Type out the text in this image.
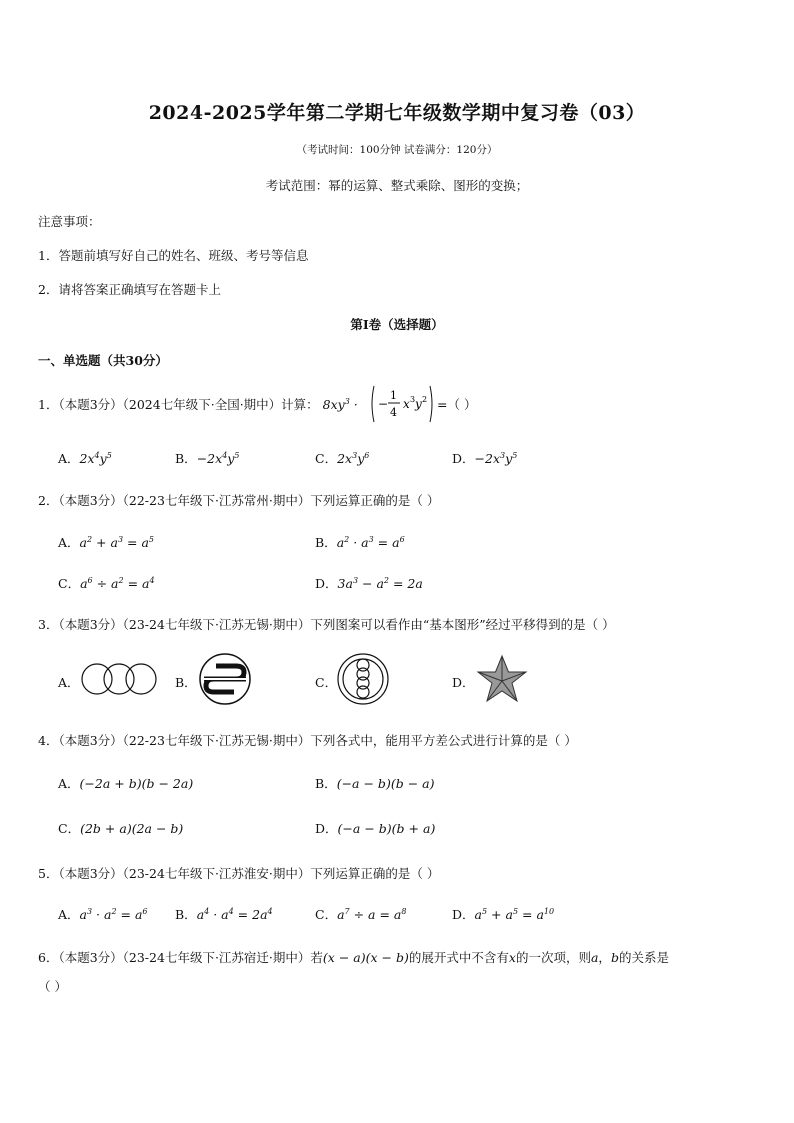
2024-2025学年第二学期七年级数学期中复习卷（03）
（考试时间：100分钟 试卷满分：120分）
考试范围：幂的运算、整式乘除、图形的变换；
注意事项：
1．答题前填写好自己的姓名、班级、考号等信息
2．请将答案正确填写在答题卡上
第I卷（选择题）
一、单选题（共30分）
1．（本题3分）（2024七年级下·全国·期中）计算： $8xy^3$ · −
1
4
x 3 y 2 =（ ）
A．$2x^4y^5$	B．$-2x^4y^5$	C．$2x^3y^6$	D．$-2x^3y^5$
2．（本题3分）（22-23七年级下·江苏常州·期中）下列运算正确的是（ ）
A．$a^2 + a^3 = a^5$	B．$a^2 \cdot a^3 = a^6$
C．$a^6 \div a^2 = a^4$	D．$3a^3 - a^2 = 2a$
3．（本题3分）（23-24七年级下·江苏无锡·期中）下列图案可以看作由“基本图形”经过平移得到的是（ ）
A．	B．	C．	D．
4．（本题3分）（22-23七年级下·江苏无锡·期中）下列各式中，能用平方差公式进行计算的是（ ）
A．(−2a + b)(b − 2a)	B．(−a − b)(b − a)
C．(2b + a)(2a − b)	D．(−a − b)(b + a)
5．（本题3分）（23-24七年级下·江苏淮安·期中）下列运算正确的是（ ）
A．$a^3 \cdot a^2 = a^6$ B．$a^4 \cdot a^4 = 2a^4$	C．$a^7 \div a = a^8$	D．$a^5 + a^5 = a^{10}$
6．（本题3分）（23-24七年级下·江苏宿迁·期中）若(x − a)(x − b)的展开式中不含有x的一次项，则a，b的关系是
（ ）
